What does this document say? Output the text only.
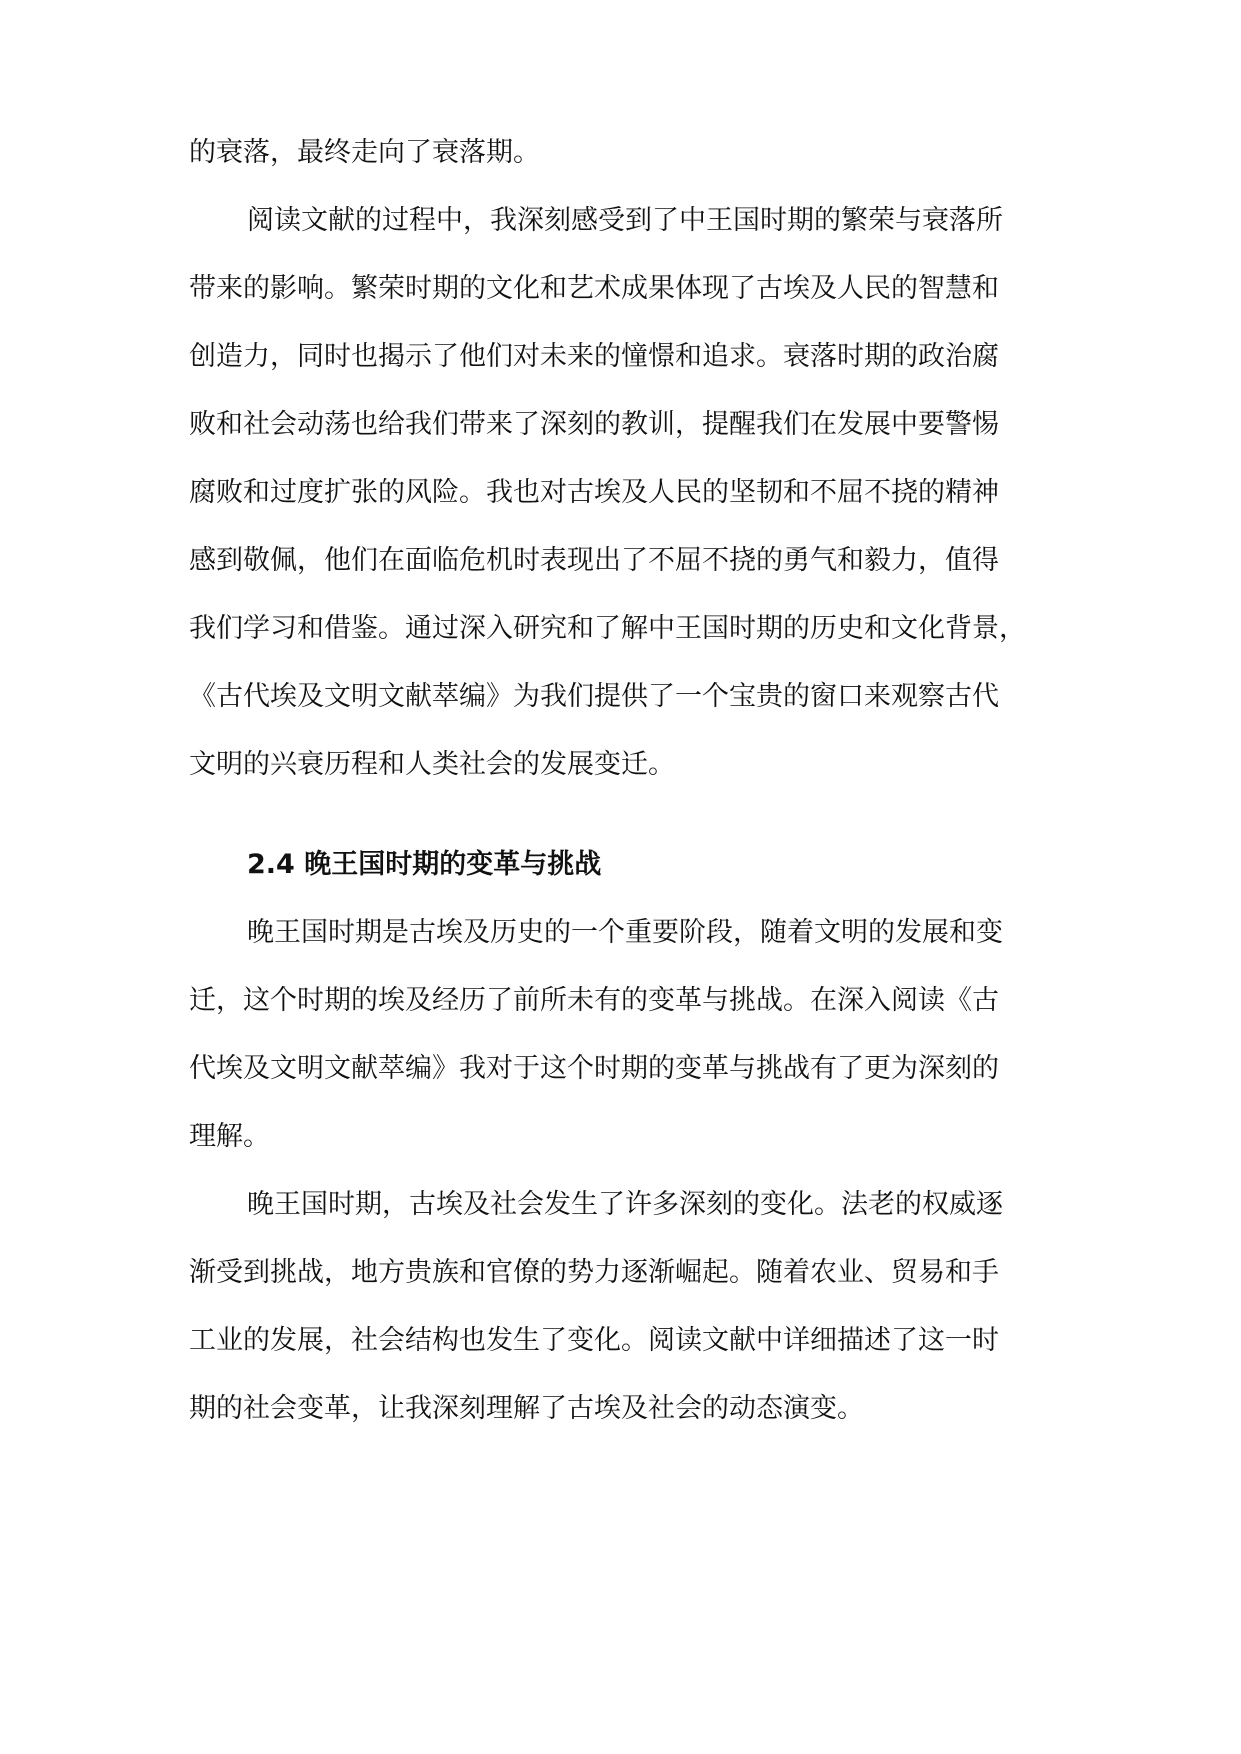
的衰落，最终走向了衰落期。
阅读文献的过程中，我深刻感受到了中王国时期的繁荣与衰落所
带来的影响。繁荣时期的文化和艺术成果体现了古埃及人民的智慧和
创造力，同时也揭示了他们对未来的憧憬和追求。衰落时期的政治腐
败和社会动荡也给我们带来了深刻的教训，提醒我们在发展中要警惕
腐败和过度扩张的风险。我也对古埃及人民的坚韧和不屈不挠的精神
感到敬佩，他们在面临危机时表现出了不屈不挠的勇气和毅力，值得
我们学习和借鉴。通过深入研究和了解中王国时期的历史和文化背景，
《古代埃及文明文献萃编》为我们提供了一个宝贵的窗口来观察古代
文明的兴衰历程和人类社会的发展变迁。
2.4 晚王国时期的变革与挑战
晚王国时期是古埃及历史的一个重要阶段，随着文明的发展和变
迁，这个时期的埃及经历了前所未有的变革与挑战。在深入阅读《古
代埃及文明文献萃编》我对于这个时期的变革与挑战有了更为深刻的
理解。
晚王国时期，古埃及社会发生了许多深刻的变化。法老的权威逐
渐受到挑战，地方贵族和官僚的势力逐渐崛起。随着农业、贸易和手
工业的发展，社会结构也发生了变化。阅读文献中详细描述了这一时
期的社会变革，让我深刻理解了古埃及社会的动态演变。
